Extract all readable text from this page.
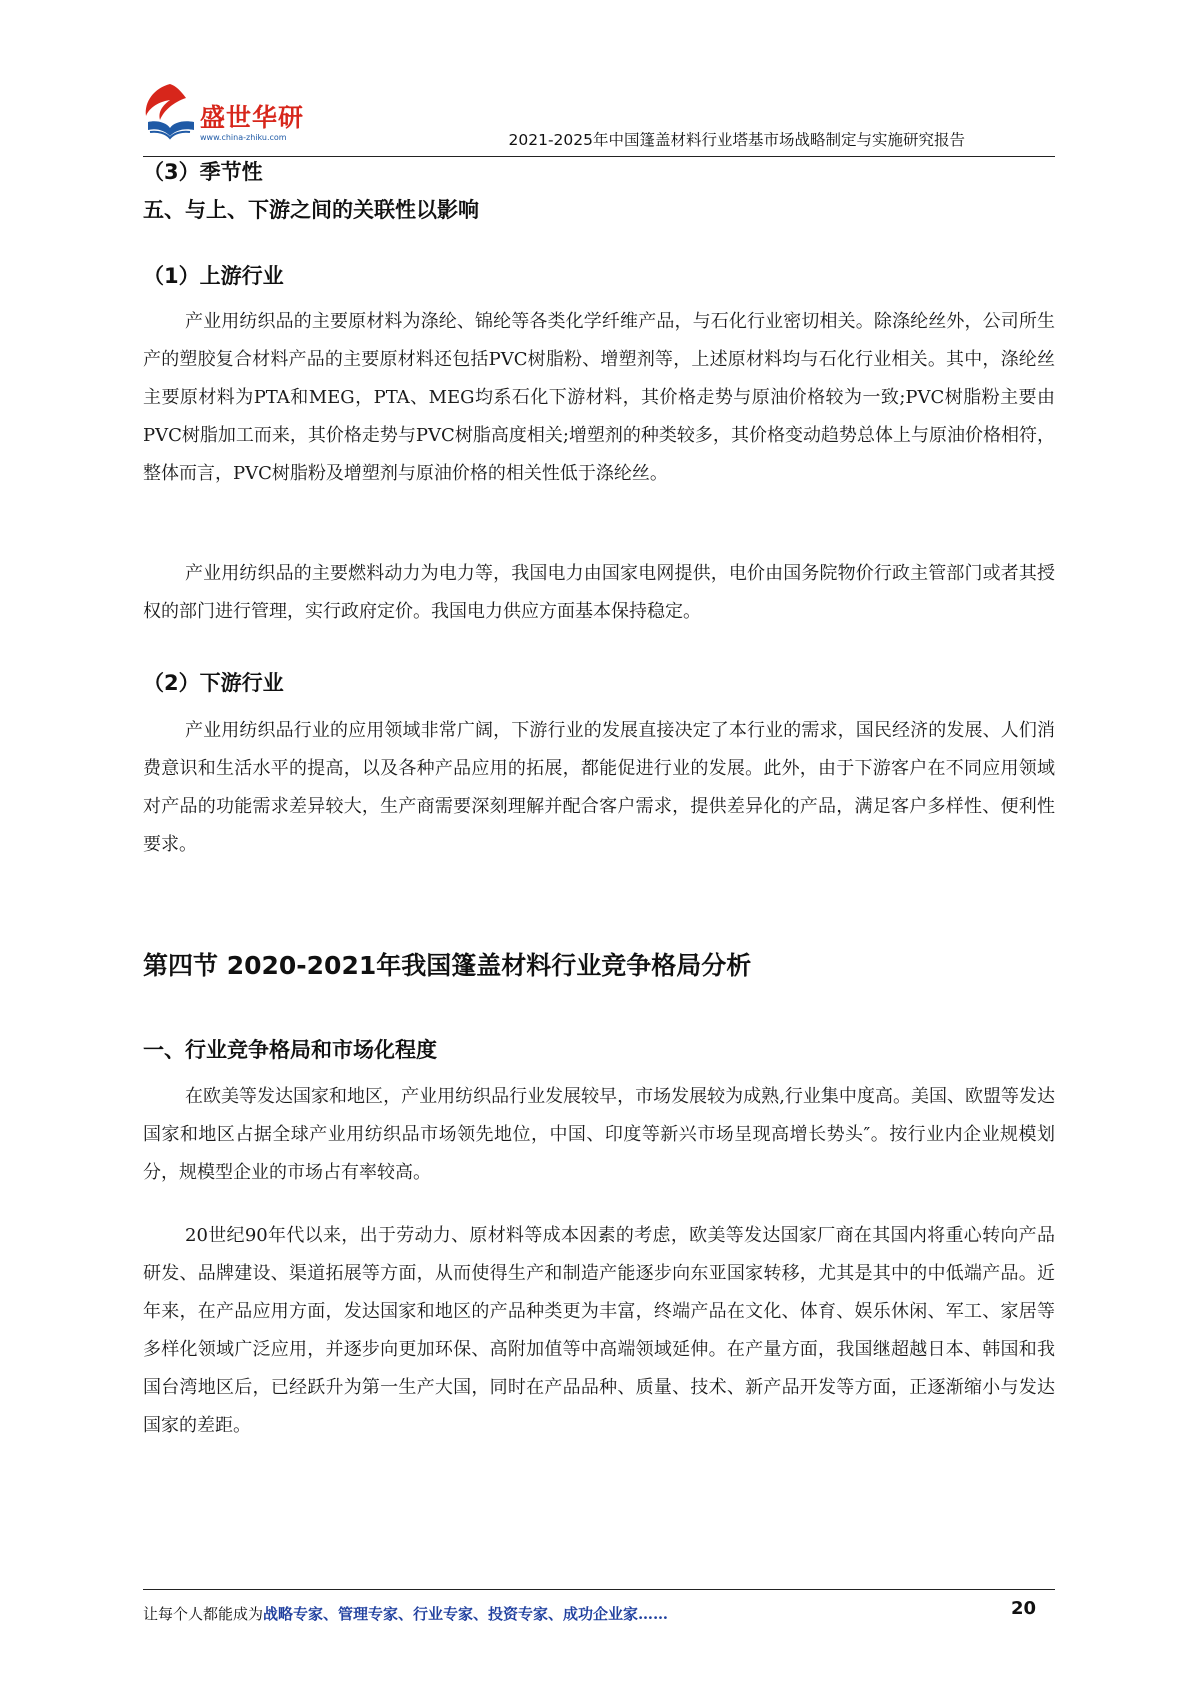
盛世华研
www.china-zhiku.com	2021-2025年中国篷盖材料行业塔基市场战略制定与实施研究报告
（3）季节性
五、与上、下游之间的关联性以影响
（1）上游行业

产业用纺织品的主要原材料为涤纶、锦纶等各类化学纤维产品，与石化行业密切相关。除涤纶丝外，公司所生产的塑胶复合材料产品的主要原材料还包括PVC树脂粉、增塑剂等，上述原材料均与石化行业相关。其中，涤纶丝主要原材料为PTA和MEG，PTA、MEG均系石化下游材料，其价格走势与原油价格较为一致;PVC树脂粉主要由PVC树脂加工而来，其价格走势与PVC树脂高度相关;增塑剂的种类较多，其价格变动趋势总体上与原油价格相符，整体而言，PVC树脂粉及增塑剂与原油价格的相关性低于涤纶丝。

产业用纺织品的主要燃料动力为电力等，我国电力由国家电网提供，电价由国务院物价行政主管部门或者其授权的部门进行管理，实行政府定价。我国电力供应方面基本保持稳定。

（2）下游行业

产业用纺织品行业的应用领域非常广阔，下游行业的发展直接决定了本行业的需求，国民经济的发展、人们消费意识和生活水平的提高，以及各种产品应用的拓展，都能促进行业的发展。此外，由于下游客户在不同应用领域对产品的功能需求差异较大，生产商需要深刻理解并配合客户需求，提供差异化的产品，满足客户多样性、便利性要求。

第四节 2020-2021年我国篷盖材料行业竞争格局分析
一、行业竞争格局和市场化程度

在欧美等发达国家和地区，产业用纺织品行业发展较早，市场发展较为成熟,行业集中度高。美国、欧盟等发达国家和地区占据全球产业用纺织品市场领先地位，中国、印度等新兴市场呈现高增长势头″。按行业内企业规模划分，规模型企业的市场占有率较高。

20世纪90年代以来，出于劳动力、原材料等成本因素的考虑，欧美等发达国家厂商在其国内将重心转向产品研发、品牌建设、渠道拓展等方面，从而使得生产和制造产能逐步向东亚国家转移，尤其是其中的中低端产品。近年来，在产品应用方面，发达国家和地区的产品种类更为丰富，终端产品在文化、体育、娱乐休闲、军工、家居等多样化领域广泛应用，并逐步向更加环保、高附加值等中高端领域延伸。在产量方面，我国继超越日本、韩国和我国台湾地区后，已经跃升为第一生产大国，同时在产品品种、质量、技术、新产品开发等方面，正逐渐缩小与发达国家的差距。

让每个人都能成为战略专家、管理专家、行业专家、投资专家、成功企业家……	20
